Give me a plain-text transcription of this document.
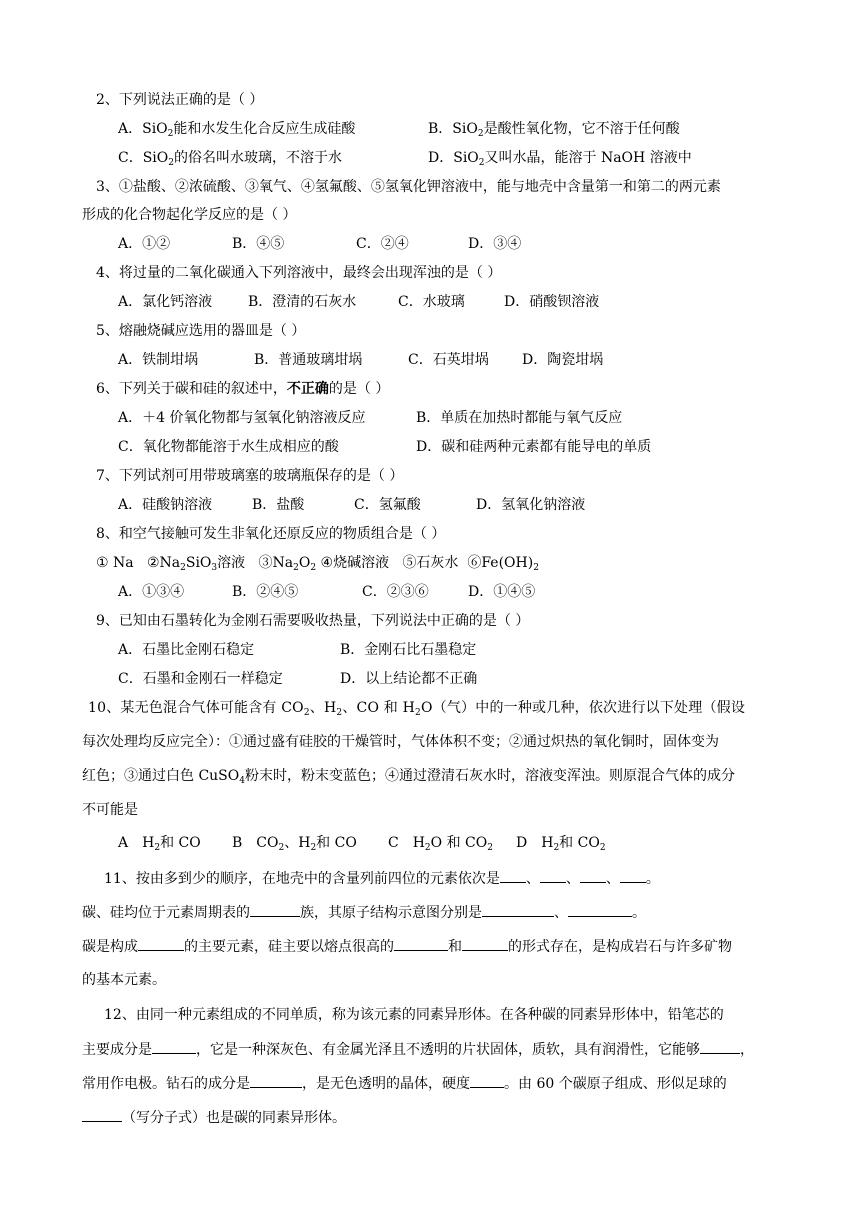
2、下列说法正确的是（ ）
A．SiO$_2$能和水发生化合反应生成硅酸	B．SiO$_2$是酸性氧化物，它不溶于任何酸
C．SiO$_2$的俗名叫水玻璃，不溶于水	D．SiO$_2$又叫水晶，能溶于 NaOH 溶液中
3、①盐酸、②浓硫酸、③氧气、④氢氟酸、⑤氢氧化钾溶液中，能与地壳中含量第一和第二的两元素
形成的化合物起化学反应的是（ ）
A．①②	B．④⑤	C．②④	D．③④
4、将过量的二氧化碳通入下列溶液中，最终会出现浑浊的是（ ）
A．氯化钙溶液	B．澄清的石灰水	C．水玻璃	D．硝酸钡溶液
5、熔融烧碱应选用的器皿是（ ）
A．铁制坩埚	B．普通玻璃坩埚	C．石英坩埚 D．陶瓷坩埚
6、下列关于碳和硅的叙述中，不正确的是（ ）
A．＋4 价氧化物都与氢氧化钠溶液反应	B．单质在加热时都能与氧气反应
C．氧化物都能溶于水生成相应的酸	D．碳和硅两种元素都有能导电的单质
7、下列试剂可用带玻璃塞的玻璃瓶保存的是（ ）
A．硅酸钠溶液	B．盐酸	C．氢氟酸	D．氢氧化钠溶液
8、和空气接触可发生非氧化还原反应的物质组合是（ ）
① Na $②Na_2SiO_3$溶液 $③Na_2O_2$ ④烧碱溶液 ⑤石灰水 $⑥Fe(OH)_2$
A．①③④	B．②④⑤	C．②③⑥	D．①④⑤
9、已知由石墨转化为金刚石需要吸收热量，下列说法中正确的是（ ）
A．石墨比金刚石稳定	B．金刚石比石墨稳定
C．石墨和金刚石一样稳定	D．以上结论都不正确
10、某无色混合气体可能含有 $CO_2$、$H_2$、CO 和 $H_2O$（气）中的一种或几种，依次进行以下处理（假设
每次处理均反应完全）：①通过盛有硅胶的干燥管时，气体体积不变；②通过炽热的氧化铜时，固体变为
红色；③通过白色 CuSO$_4$粉末时，粉末变蓝色；④通过澄清石灰水时，溶液变浑浊。则原混合气体的成分
不可能是
A　$H_2$和 CO B　$CO_2$、$H_2$和 CO C　$H_2O$ 和 $CO_2$ D　$H_2$和 $CO_2$
11、按由多到少的顺序，在地壳中的含量列前四位的元素依次是 、 、 、 。
碳、硅均位于元素周期表的	族，其原子结构示意图分别是	、	。
碳是构成	的主要元素，硅主要以熔点很高的	和	的形式存在，是构成岩石与许多矿物
的基本元素。
12、由同一种元素组成的不同单质，称为该元素的同素异形体。在各种碳的同素异形体中，铅笔芯的
主要成分是	，它是一种深灰色、有金属光泽且不透明的片状固体，质软，具有润滑性，它能够	，
常用作电极。钻石的成分是	，是无色透明的晶体，硬度 。由 60 个碳原子组成、形似足球的
（写分子式）也是碳的同素异形体。
